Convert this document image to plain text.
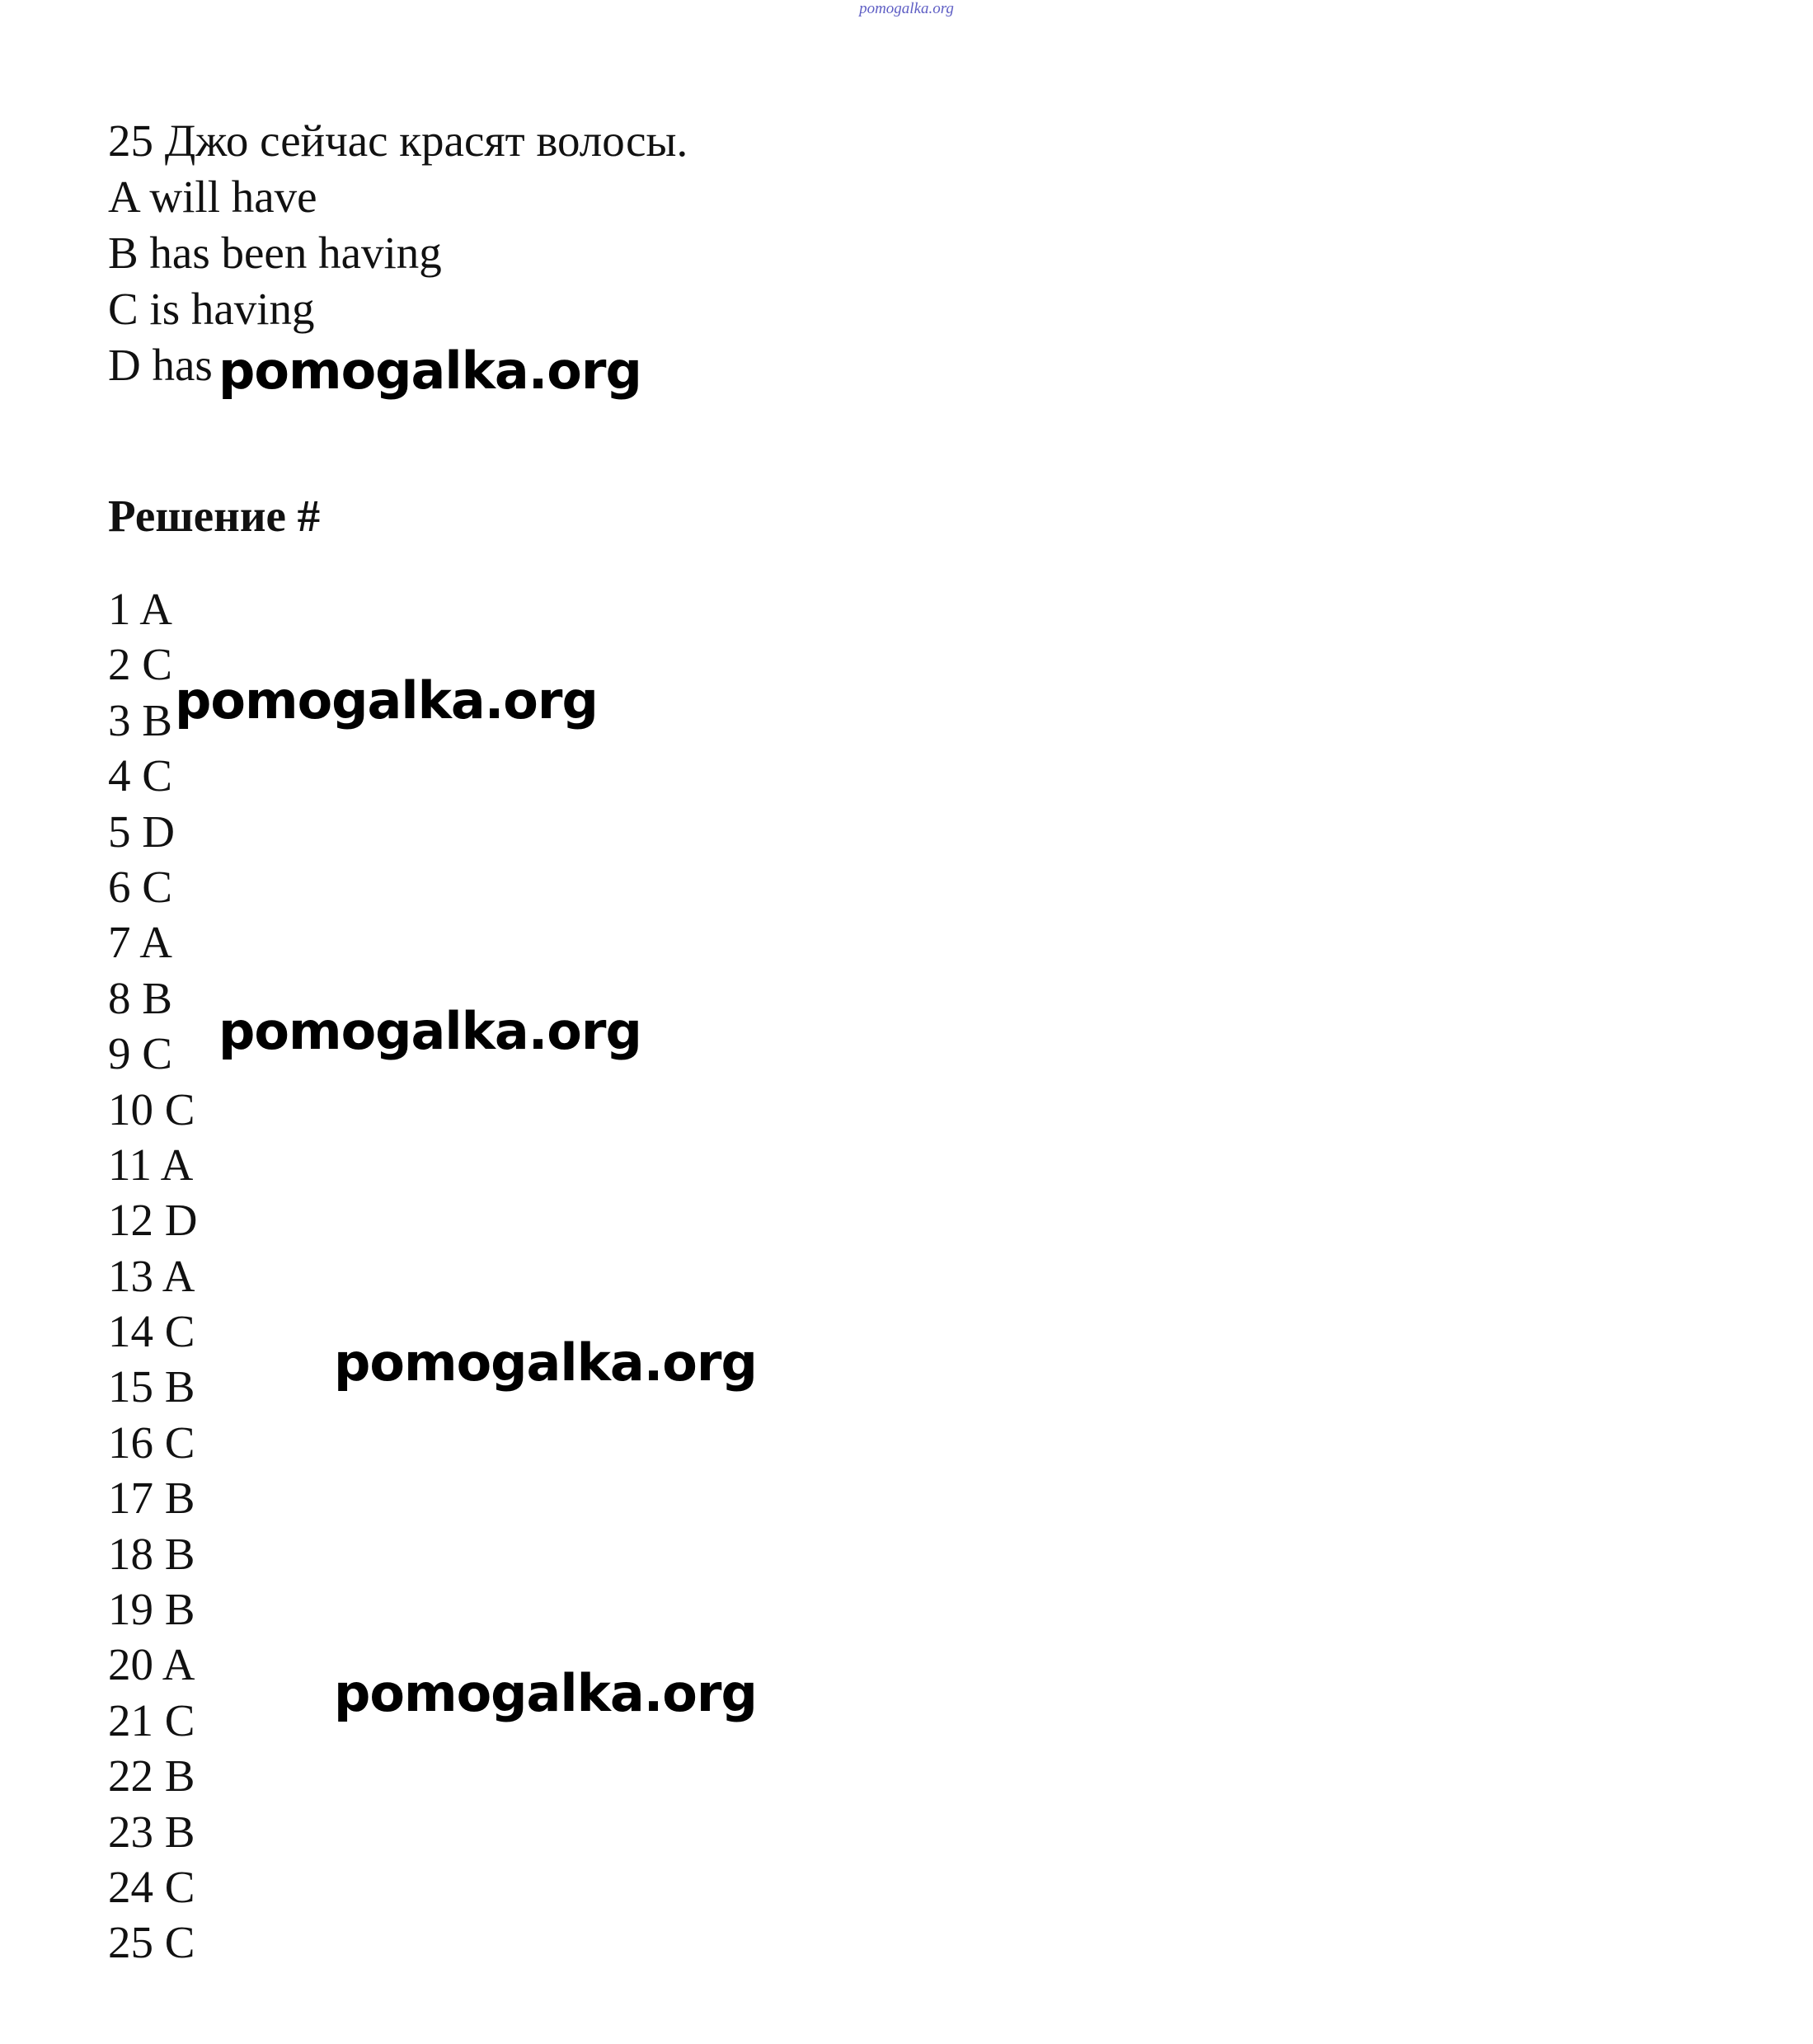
pomogalka.org
25 Джо сейчас красят волосы.
A will have
B has been having
C is having
D has
Решение #
1 A
2 C
3 B
4 C
5 D
6 C
7 A
8 B
9 C
10 C
11 A
12 D
13 A
14 C
15 B
16 C
17 B
18 B
19 B
20 A
21 C
22 B
23 B
24 C
25 C
pomogalka.org
pomogalka.org
pomogalka.org
pomogalka.org
pomogalka.org
